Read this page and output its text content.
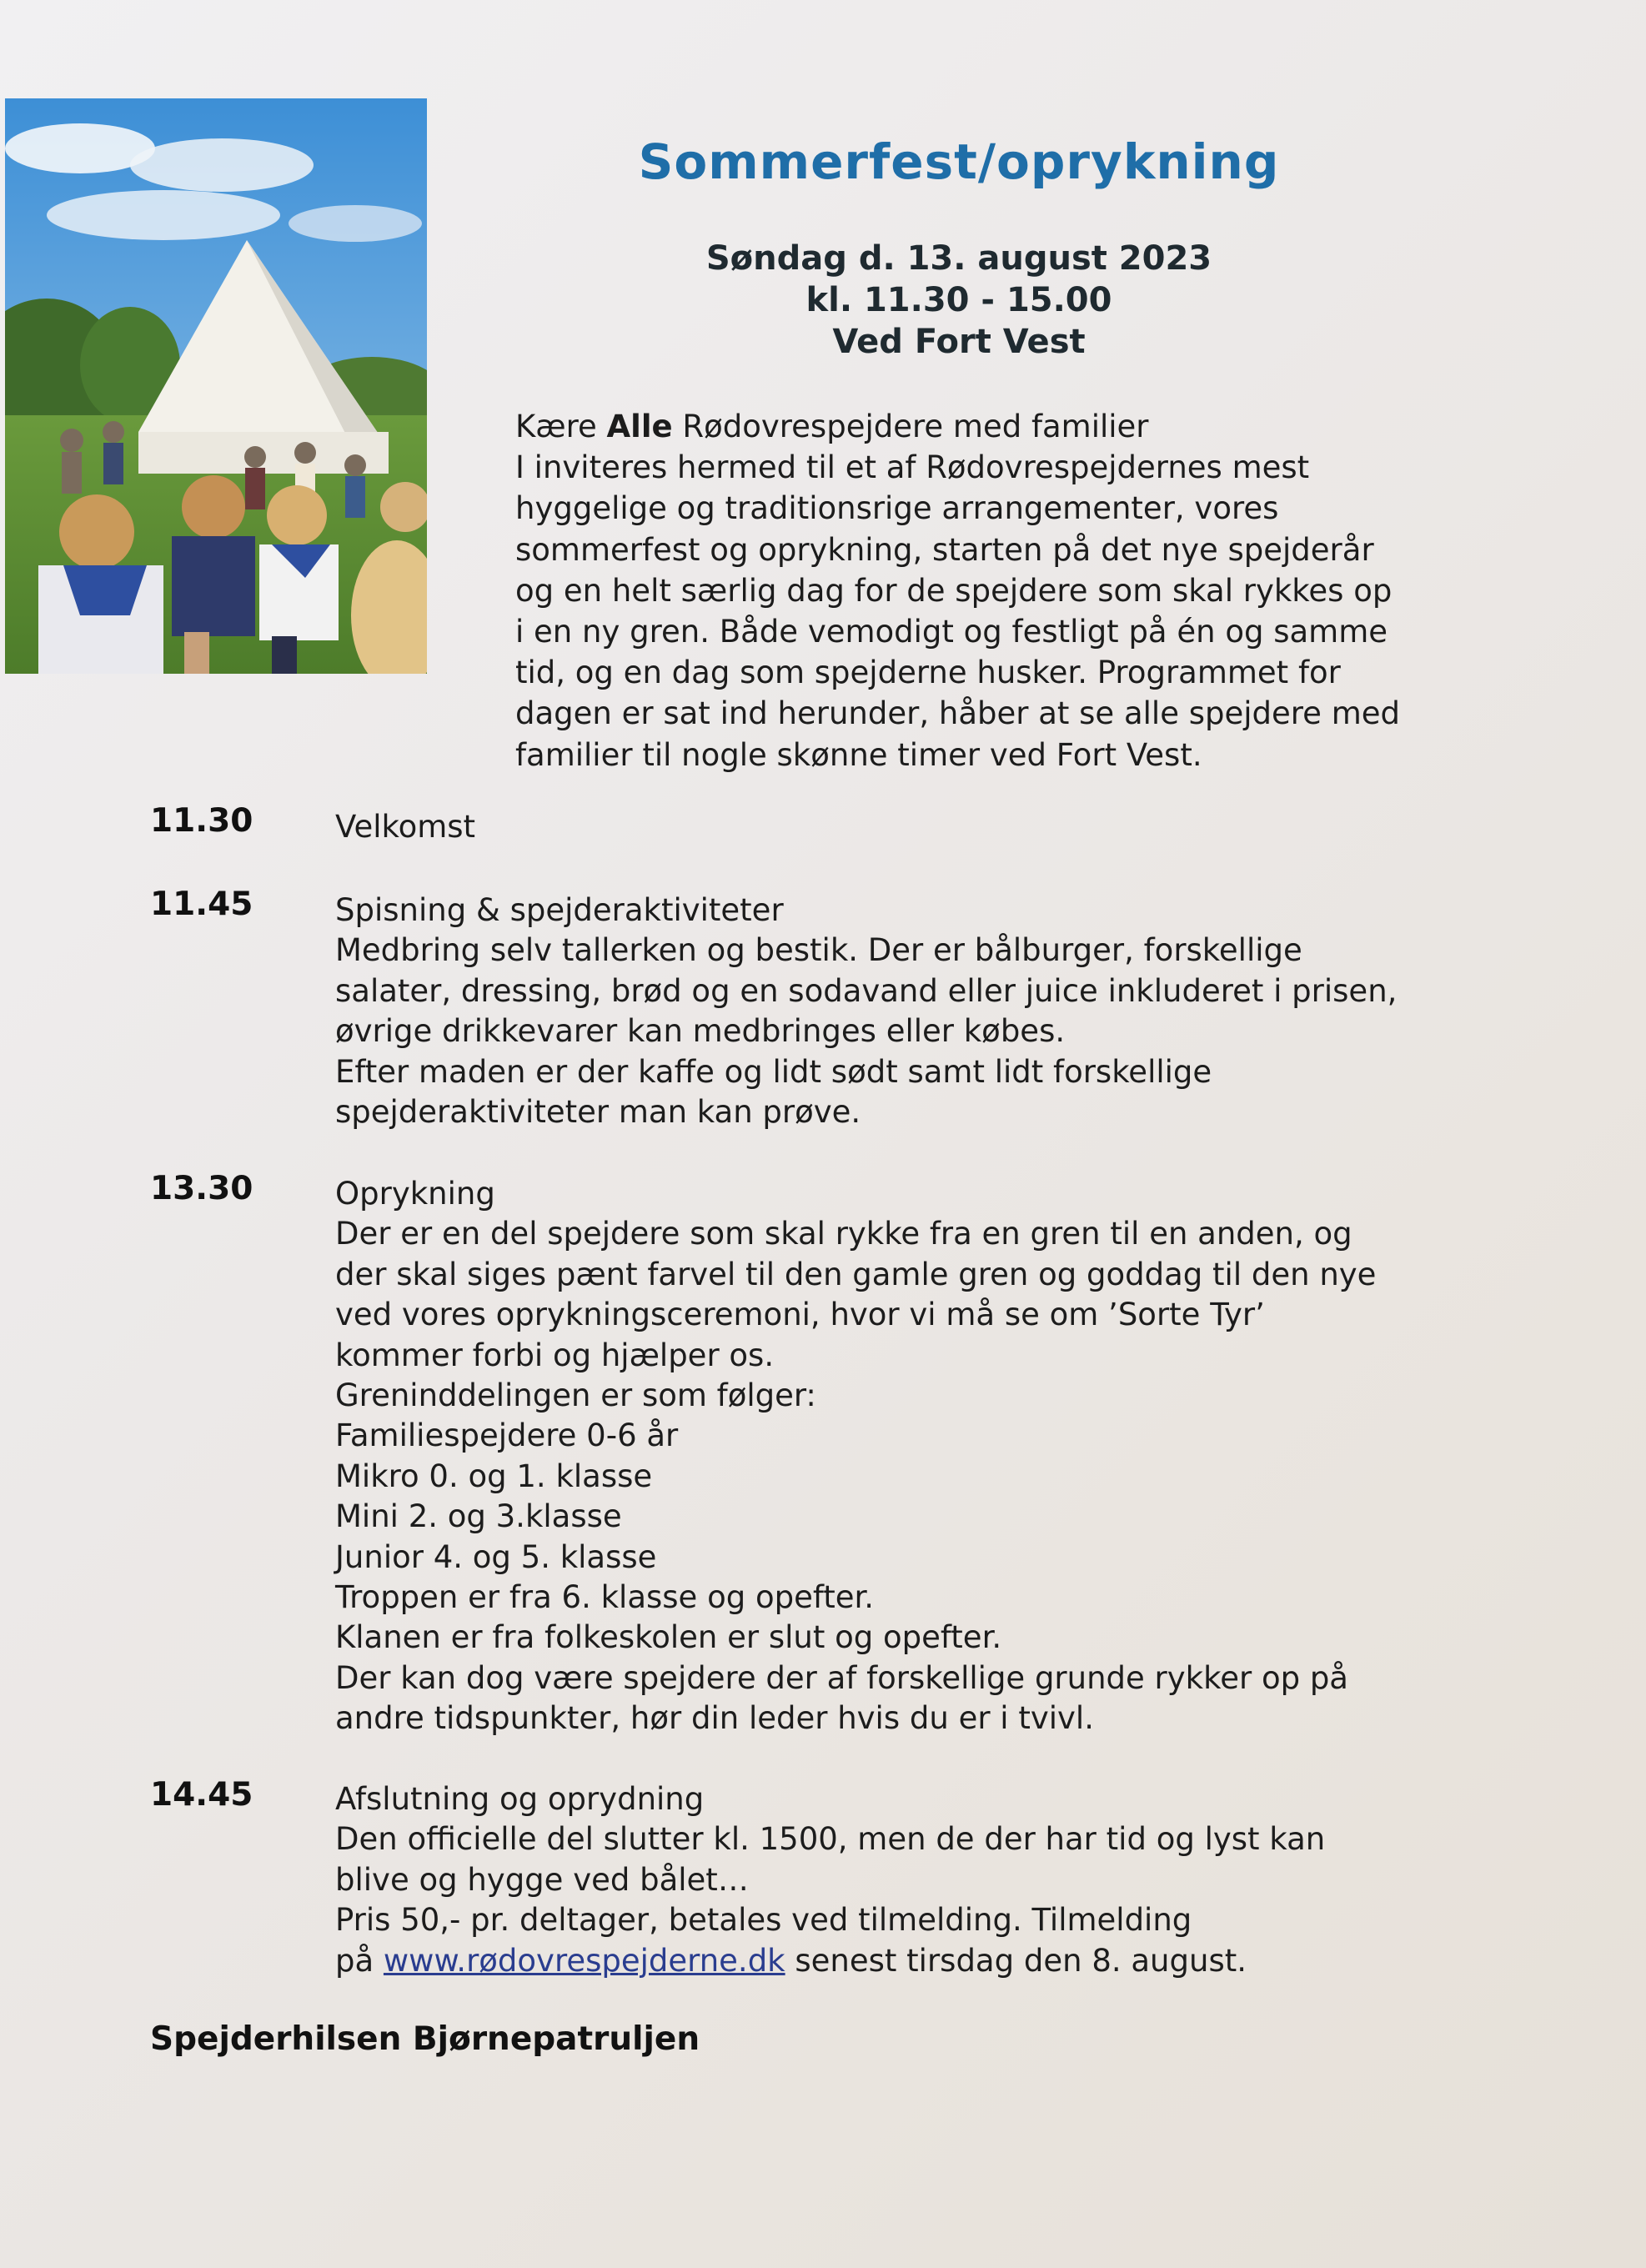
Sommerfest/oprykning
Søndag d. 13. august 2023
kl. 11.30 - 15.00
Ved Fort Vest
Kære Alle Rødovrespejdere med familier
I inviteres hermed til et af Rødovrespejdernes mest
hyggelige og traditionsrige arrangementer, vores
sommerfest og oprykning, starten på det nye spejderår
og en helt særlig dag for de spejdere som skal rykkes op
i en ny gren. Både vemodigt og festligt på én og samme
tid, og en dag som spejderne husker. Programmet for
dagen er sat ind herunder, håber at se alle spejdere med
familier til nogle skønne timer ved Fort Vest.
11.30	Velkomst
11.45	Spisning & spejderaktiviteter
Medbring selv tallerken og bestik. Der er bålburger, forskellige
salater, dressing, brød og en sodavand eller juice inkluderet i prisen,
øvrige drikkevarer kan medbringes eller købes.
Efter maden er der kaffe og lidt sødt samt lidt forskellige
spejderaktiviteter man kan prøve.
13.30	Oprykning
Der er en del spejdere som skal rykke fra en gren til en anden, og
der skal siges pænt farvel til den gamle gren og goddag til den nye
ved vores oprykningsceremoni, hvor vi må se om ’Sorte Tyr’
kommer forbi og hjælper os.
Greninddelingen er som følger:
Familiespejdere 0-6 år
Mikro 0. og 1. klasse
Mini 2. og 3.klasse
Junior 4. og 5. klasse
Troppen er fra 6. klasse og opefter.
Klanen er fra folkeskolen er slut og opefter.
Der kan dog være spejdere der af forskellige grunde rykker op på
andre tidspunkter, hør din leder hvis du er i tvivl.
14.45	Afslutning og oprydning
Den officielle del slutter kl. 1500, men de der har tid og lyst kan
blive og hygge ved bålet…
Pris 50,- pr. deltager, betales ved tilmelding. Tilmelding
på www.rødovrespejderne.dk senest tirsdag den 8. august.
Spejderhilsen Bjørnepatruljen
